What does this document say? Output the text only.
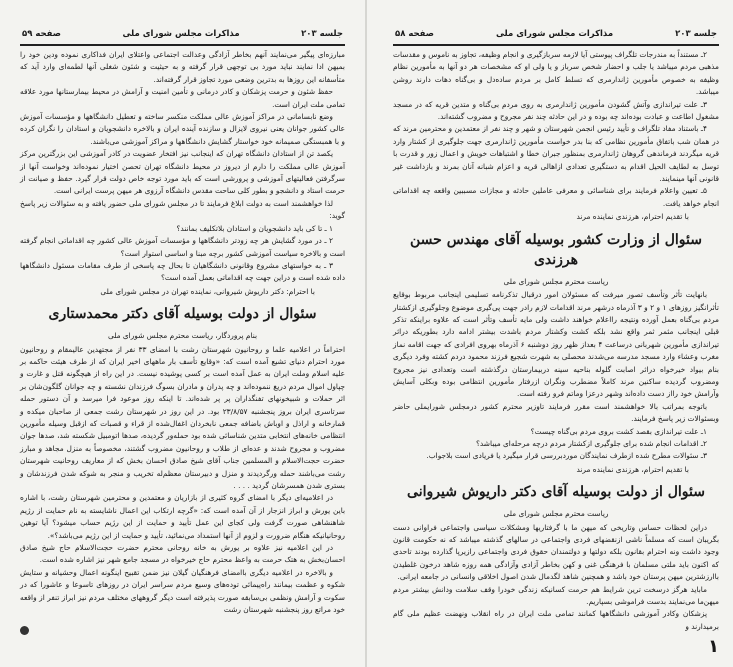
جلسه ۲۰۳
مذاکرات مجلس شورای ملی
صفحه ۵۹

مبارزه‌ای پیگیر می‌نمایند آنهم بخاطر آزادگی وعدالت اجتماعی واعتلای ایران فداکاری نموده ودین خود را بمیهن ادا نمایند نباید مورد بی توجهی قرار گرفته و به حیثیت و شئون شغلی آنها لطمه‌ای وارد آید که متأسفانه این روزها به بدترین وضعی مورد تجاوز قرار گرفته‌اند.

حفظ شئون و حرمت پزشکان و کادر درمانی و تأمین امنیت و آرامش در محیط بیمارستانها مورد علاقه تمامی ملت ایران است.

وضع نابسامانی در مراکز آموزش عالی مملکت منکسر ساخته و تعطیل دانشگاهها و مؤسسات آموزش عالی کشور جوانان یعنی نیروی لایزال و سازنده آینده ایران و بالاخره دانشجویان و استادان را نگران کرده و با همبستگی صمیمانه خود خواستار گشایش دانشگاهها و مراکز آموزشی می‌باشند.

یکصد تن از استادان دانشگاه تهران که اینجانب نیز افتخار عضویت در کادر آموزشی این بزرگترین مرکز آموزش عالی مملکت را دارم از دیروز در محیط دانشگاه تهران تحصن اختیار نموده‌اند وخواست آنها از سرگرفتن فعالیتهای آموزشی و پرورشی است که باید مورد توجه خاص دولت قرار گیرد. حفظ و صیانت از حرمت استاد و دانشجو و بطور کلی ساحت مقدس دانشگاه آرزوی هر میهن پرست ایرانی است.

لذا خواهشمند است به دولت ابلاغ فرمایند تا در مجلس شورای ملی حضور یافته و به سئوالات زیر پاسخ گوید:

۱ ـ تا کی باید دانشجویان و استادان بلاتکلیف بمانند؟

۲ ـ در مورد گشایش هر چه زودتر دانشگاهها و مؤسسات آموزش عالی کشور چه اقداماتی انجام گرفته است و بالاخره سیاست آموزشی کشور برچه مبنا و اساسی استوار است؟

۳ ـ به خواستهای مشروع وقانونی دانشگاهیان تا بحال چه پاسخی از طرف مقامات مسئول دانشگاهها داده شده است و دراین جهت چه اقداماتی بعمل آمده است؟

با احترام: دکتر داریوش شیروانی، نماینده تهران در مجلس شورای ملی
سئوال از دولت بوسیله آقای دکتر محمدستاری
بنام پروردگار، ریاست محترم مجلس شورای ملی

احتراماً در اعلامیه علما و روحانیون شهرستان رشت با امضای ۳۳ نفر از مجتهدین عالیمقام و روحانیون مورد احترام دنیای تشیع آمده است که: «وقایع تأسف بار ماههای اخیر ایران که از طرف هیئت حاکمه بر علیه اسلام وملت ایران به عمل آمده است بر کسی پوشیده نیست. در این راه از هیچگونه قتل و غارت و چپاول اموال مردم دریغ ننموده‌اند و چه پدران و مادران بسوگ فرزندان نشسته و چه جوانان گلگون‌شان بر اثر حملات و شبیخونهای تفنگداران پر پر شده‌اند. تا اینکه روز موعود فرا میرسد و آن دستور حمله سرتاسری ایران بروز پنجشنبه ۲۳/۸/۵۷ بود. در این روز در شهرستان رشت جمعی از صاحبان میکده و قمارخانه و اراذل و اوباش باضافه جمعی نابخردان اغفال‌شده از قراء و قصبات که ازقبل وسیله مأمورین انتظامی خانه‌های انتخابی متدین شناسائی شده بود حمله‌ور گردیده، صدها اتومبیل شکسته شد، صدها جوان مضروب و مجروح شدند و عده‌ای از طلاب و روحانیون مضروب گشتند، مخصوصاً به منزل مجاهد و مبارز حضرت حجت‌الاسلام و المسلمین جناب آقای شیخ صادق احسان بخش که از معاریف روحانیت شهرستان رشت می‌باشند حمله ورگردیدند و منزل و دبیرستان معظم‌له تخریب و منجر به شوکه شدن فرزندشان و بستری شدن همسرشان گردید . . . .

در اعلامیه‌ای دیگر با امضای گروه کثیری از بازاریان و معتمدین و محترمین شهرستان رشت، با اشاره باین یورش و ابراز انزجار از آن آمده است که: «گرچه ارتکاب این اعمال ناشایسته به نام حمایت از رژیم شاهنشاهی صورت گرفت ولی کجای این عمل تأیید و حمایت از این رژیم حساب میشود؟ آیا توهین روحانیانیکه هنگام ضرورت و لزوم از آنها استمداد می‌نمائید، تأیید و حمایت از این رژیم می‌باشد؟».

در این اعلامیه نیز علاوه بر یورش به خانه روحانی محترم حضرت حجت‌الاسلام حاج شیخ صادق احسان‌بخش به هتک حرمت به واعظ محترم حاج خیرخواه در مسجد جامع شهر نیز اشاره شده است.

و بالاخره در اعلامیه دیگری باامضای فرهنگیان گیلان نیز ضمن تقبیح اینگونه اعمال وحشیانه و ستایش شکوه و عظمت بیمانند راه‌پیمائی توده‌های وسیع مردم سراسر ایران در روزهای تاسوعا و عاشورا که در سکوت و آرامش ونظمی بی‌سابقه صورت پذیرفته است دیگر گروههای مختلف مردم نیز ابراز تنفر از واقعه خود مراتع روز پنجشنبه شهرستان رشت

جلسه ۲۰۳
مذاکرات مجلس شورای ملی
صفحه ۵۸

۲ـ مستنداً به مندرجات تلگراف پیوستی آیا لازمه سربازگیری و انجام وظیفه، تجاوز به ناموس و مقدسات مذهبی مردم میباشد یا جلب و احضار شخص سرباز و یا ولی او که مشخصات هر دو آنها به مأمورین نظام وظیفه به خصوص مأمورین ژاندارمری که تسلط کامل بر مردم ساده‌دل و بی‌گناه دهات دارند روشن میباشد.

۳ـ علت تیراندازی وآتش گشودن مأمورین ژاندارمری به روی مردم بی‌گناه و متدین قریه که در مسجد مشغول اطاعت و عبادت بوده‌اند چه بوده و در این حادثه چند نفر مجروح و مضروب گشته‌اند.

۴ـ باستناد مفاد تلگراف و تأیید رئیس انجمن شهرستان و شهر و چند نفر از معتمدین و محترمین مرند که در همان شب باتفاق مأمورین نظامی که بنا بدر خواست مأمورین ژاندارمری جهت جلوگیری از کشتار وارد قریه میگردند فرماندهی گروهان ژاندارمری بمنظور جبران خطا و اشتباهات خویش و اعمال زور و قدرت با توسل به لطایف الحیل اقدام به دستگیری تعدادی ازاهالی قریه و اعزام شبانه آنان بمرند و بازداشت غیر قانونی آنها مینمایند.

۵ـ تعیین واعلام فرمایند برای شناسائی و معرفی عاملین حادثه و مجازات مسببین واقعه چه اقداماتی انجام خواهد یافت.

با تقدیم احترام، هرزندی نماینده مرند
سئوال از وزارت کشور بوسیله آقای مهندس حسن هرزندی
ریاست محترم مجلس شورای ملی

بانهایت تأثر وتأسف تصور میرفت که مسئولان امور درقبال تذکرنامه تسلیمی اینجانب مربوط بوقایع تأثرانگیز روزهای ۱ و ۲ و ۳ آذرماه درشهر مرند اقدامات لازم رادر جهت پی‌گیری موضوع وجلوگیری ازکشتار مردم بی‌گناه بعمل آورده ونتیجه رااعلام خواهند داشت ولی مایه تأسف وتأثر است که علاوه براینکه تذکر قبلی اینجانب مثمر ثمر واقع نشد بلکه کشت وکشتار مردم باشدت بیشتر ادامه دارد بطوریکه دراثر تیراندازی مأمورین شهربانی درساعت ۴ بعداز ظهر روز دوشنبه ۶ آذرماه بهروی افرادی که جهت اقامه نماز مغرب وعشاء وارد مسجد مدرسه می‌شدند محصلی به شهرت شجیع فرزند محمود دردم کشته وفرد دیگری بنام بیواد خیرخواه دراثر اصابت گلوله بناحیه سینه دربیمارستان درگذشته است وتعدادی نیز مجروح ومضروب گردیده ساکنین مرند کاملاً مضطرب ونگران ازرفتار مأمورین انتظامی بوده وبکلی آسایش وآرامش خود رااز دست داده‌اند وشهر درعزا وماتم فرو رفته است.

باتوجه بمراتب بالا خواهشمند است مقرر فرمایند تاوزیر محترم کشور درمجلس شورایملی حاضر وبسئوالات زیر پاسخ فرمایند.

۱ـ علت تیراندازی بقصد کشت بروی مردم بی‌گناه چیست؟

۲ـ اقدامات انجام شده برای جلوگیری ازکشتار مردم درچه مرحله‌ای میباشد؟

۳ـ سئوالات مطرح شده ازطرف نمایندگان موردبررسی قرار میگیرد یا فریادی است بلاجواب.

با تقدیم احترام، هرزندی نماینده مرند
سئوال از دولت بوسیله آقای دکتر داریوش شیروانی
ریاست محترم مجلس شورای ملی

دراین لحظات حساس وتاریخی که میهن ما با گرفتاریها ومشکلات سیاسی واجتماعی فراوانی دست بگریبان است که مسلماً ناشی ازنقضهای فردی واجتماعی در سالهای گذشته میباشد که نه حکومت قانون وجود داشت ونه احترام بقانون بلکه دولتها و دولتمندان حقوق فردی واجتماعی رازیرپا گذارده بودند تاحدی که اکنون باید ملتی مسلمان با فرهنگی غنی و کهن بخاطر آزادی وآزادگی همه روزه شاهد درخون غلطیدن باارزشترین میهن پرستان خود باشد و همچنین شاهد لگدمال شدن اصول اخلاقی وانسانی در جامعه ایرانی.

ماباید هرگز درسخت ترین شرایط هم حرمت کسانیکه زندگی خودرا وقف سلامت ودانش بیشتر مردم میهن‌ما می‌نمایند بدست فراموشی بسپاریم.

پزشکان وکادر آموزشی دانشگاهها کمانند تمامی ملت ایران در راه انقلاب ونهضت عظیم ملی گام برمیدارند و

۱
